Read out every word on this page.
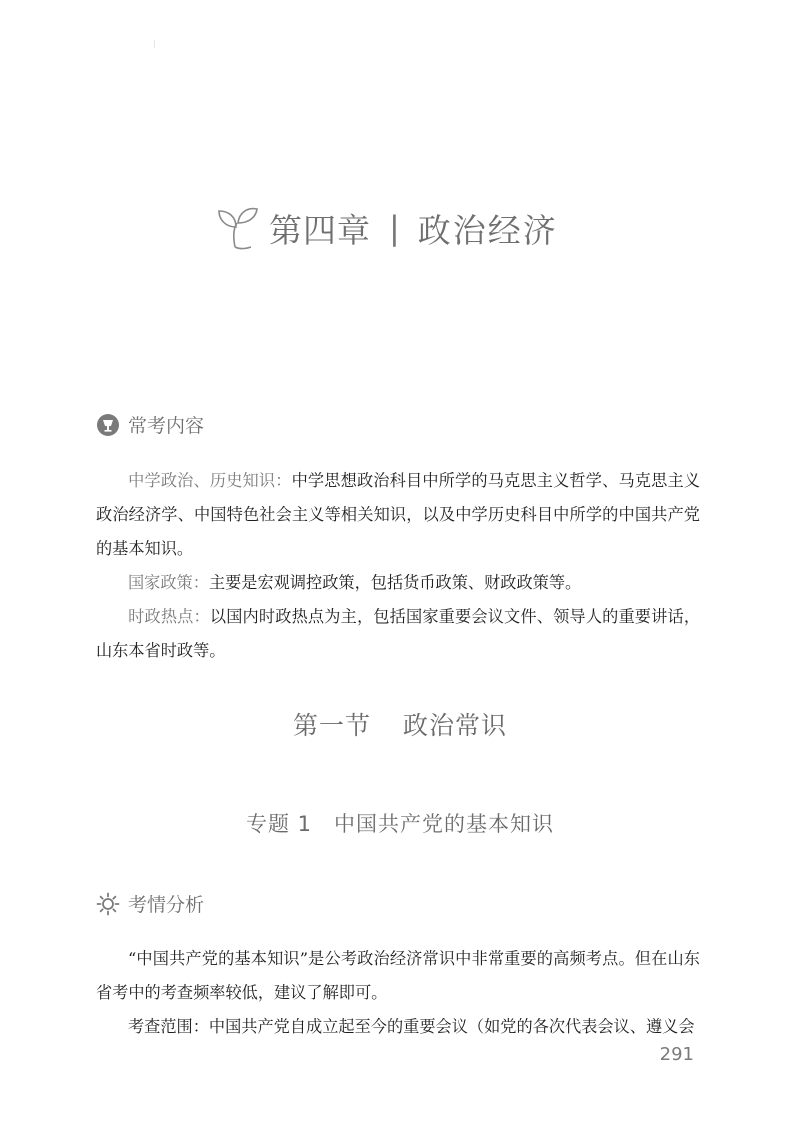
第四章 | 政治经济
常考内容
中学政治、历史知识：中学思想政治科目中所学的马克思主义哲学、马克思主义政治经济学、中国特色社会主义等相关知识，以及中学历史科目中所学的中国共产党的基本知识。
国家政策：主要是宏观调控政策，包括货币政策、财政政策等。
时政热点：以国内时政热点为主，包括国家重要会议文件、领导人的重要讲话，山东本省时政等。
第一节 政治常识
专题 1 中国共产党的基本知识
考情分析
“中国共产党的基本知识”是公考政治经济常识中非常重要的高频考点。但在山东省考中的考查频率较低，建议了解即可。
考查范围：中国共产党自成立起至今的重要会议（如党的各次代表会议、遵义会
291
